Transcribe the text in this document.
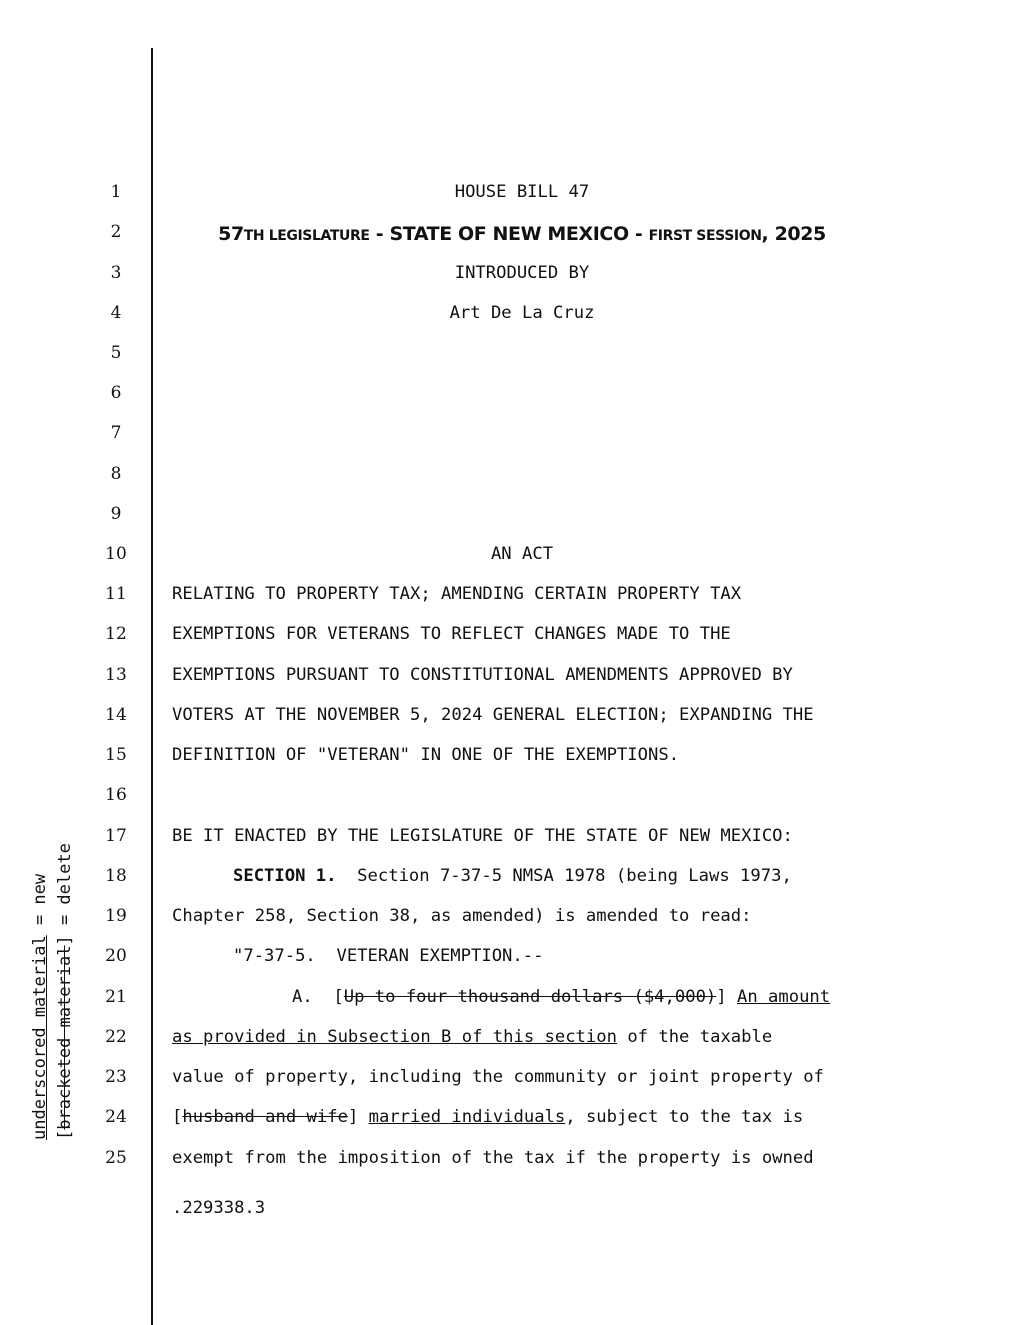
underscored material = new
[bracketed material] = delete
1
2
3
4
5
6
7
8
9
10
11
12
13
14
15
16
17
18
19
20
21
22
23
24
25
HOUSE BILL 47
57TH LEGISLATURE - STATE OF NEW MEXICO - FIRST SESSION, 2025
INTRODUCED BY
Art De La Cruz
AN ACT
RELATING TO PROPERTY TAX; AMENDING CERTAIN PROPERTY TAX
EXEMPTIONS FOR VETERANS TO REFLECT CHANGES MADE TO THE
EXEMPTIONS PURSUANT TO CONSTITUTIONAL AMENDMENTS APPROVED BY
VOTERS AT THE NOVEMBER 5, 2024 GENERAL ELECTION; EXPANDING THE
DEFINITION OF "VETERAN" IN ONE OF THE EXEMPTIONS.
BE IT ENACTED BY THE LEGISLATURE OF THE STATE OF NEW MEXICO:
SECTION 1.  Section 7-37-5 NMSA 1978 (being Laws 1973,
Chapter 258, Section 38, as amended) is amended to read:
"7-37-5.  VETERAN EXEMPTION.--
A.  [Up to four thousand dollars ($4,000)] An amount
as provided in Subsection B of this section of the taxable
value of property, including the community or joint property of
[husband and wife] married individuals, subject to the tax is
exempt from the imposition of the tax if the property is owned
.229338.3
